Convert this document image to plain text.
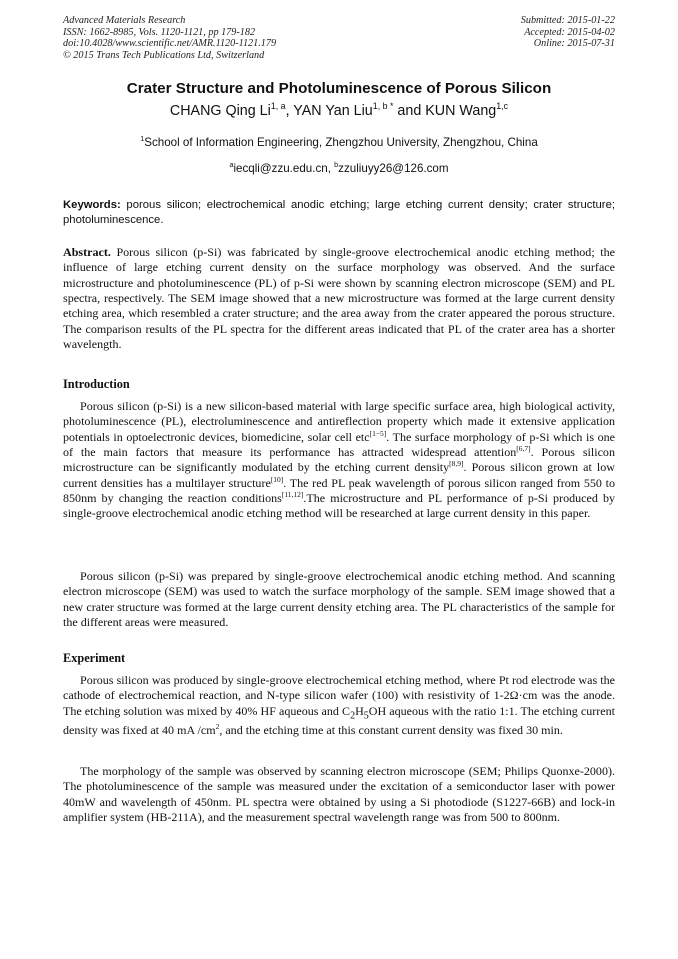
Advanced Materials Research
ISSN: 1662-8985, Vols. 1120-1121, pp 179-182
doi:10.4028/www.scientific.net/AMR.1120-1121.179
© 2015 Trans Tech Publications Ltd, Switzerland
Submitted: 2015-01-22
Accepted: 2015-04-02
Online: 2015-07-31
Crater Structure and Photoluminescence of Porous Silicon
CHANG Qing Li$^{1, a}$, YAN Yan Liu$^{1, b *}$ and KUN Wang$^{1,c}$
$^1$School of Information Engineering, Zhengzhou University, Zhengzhou, China
$^a$iecqli@zzu.edu.cn, $^b$zzuliuyy26@126.com
Keywords: porous silicon; electrochemical anodic etching; large etching current density; crater structure; photoluminescence.
Abstract. Porous silicon (p-Si) was fabricated by single-groove electrochemical anodic etching method; the influence of large etching current density on the surface morphology was observed. And the surface microstructure and photoluminescence (PL) of p-Si were shown by scanning electron microscope (SEM) and PL spectra, respectively. The SEM image showed that a new microstructure was formed at the large current density etching area, which resembled a crater structure; and the area away from the crater appeared the porous structure. The comparison results of the PL spectra for the different areas indicated that PL of the crater area has a shorter wavelength.
Introduction
Porous silicon (p-Si) is a new silicon-based material with large specific surface area, high biological activity, photoluminescence (PL), electroluminescence and antireflection property which made it extensive application potentials in optoelectronic devices, biomedicine, solar cell etc[1−5]. The surface morphology of p-Si which is one of the main factors that measure its performance has attracted widespread attention[6,7]. Porous silicon microstructure can be significantly modulated by the etching current density[8,9]. Porous silicon grown at low current densities has a multilayer structure[10]. The red PL peak wavelength of porous silicon ranged from 550 to 850nm by changing the reaction conditions[11,12].The microstructure and PL performance of p-Si produced by single-groove electrochemical anodic etching method will be researched at large current density in this paper.
Porous silicon (p-Si) was prepared by single-groove electrochemical anodic etching method. And scanning electron microscope (SEM) was used to watch the surface morphology of the sample. SEM image showed that a new crater structure was formed at the large current density etching area. The PL characteristics of the sample for the different areas were measured.
Experiment
Porous silicon was produced by single-groove electrochemical etching method, where Pt rod electrode was the cathode of electrochemical reaction, and N-type silicon wafer (100) with resistivity of 1-2Ω·cm was the anode. The etching solution was mixed by 40% HF aqueous and $C_2H_5OH$ aqueous with the ratio 1:1. The etching current density was fixed at 40 mA $/cm^2$, and the etching time at this constant current density was fixed 30 min.
The morphology of the sample was observed by scanning electron microscope (SEM; Philips Quonxe-2000). The photoluminescence of the sample was measured under the excitation of a semiconductor laser with power 40mW and wavelength of 450nm. PL spectra were obtained by using a Si photodiode (S1227-66B) and lock-in amplifier system (HB-211A), and the measurement spectral wavelength range was from 500 to 800nm.
